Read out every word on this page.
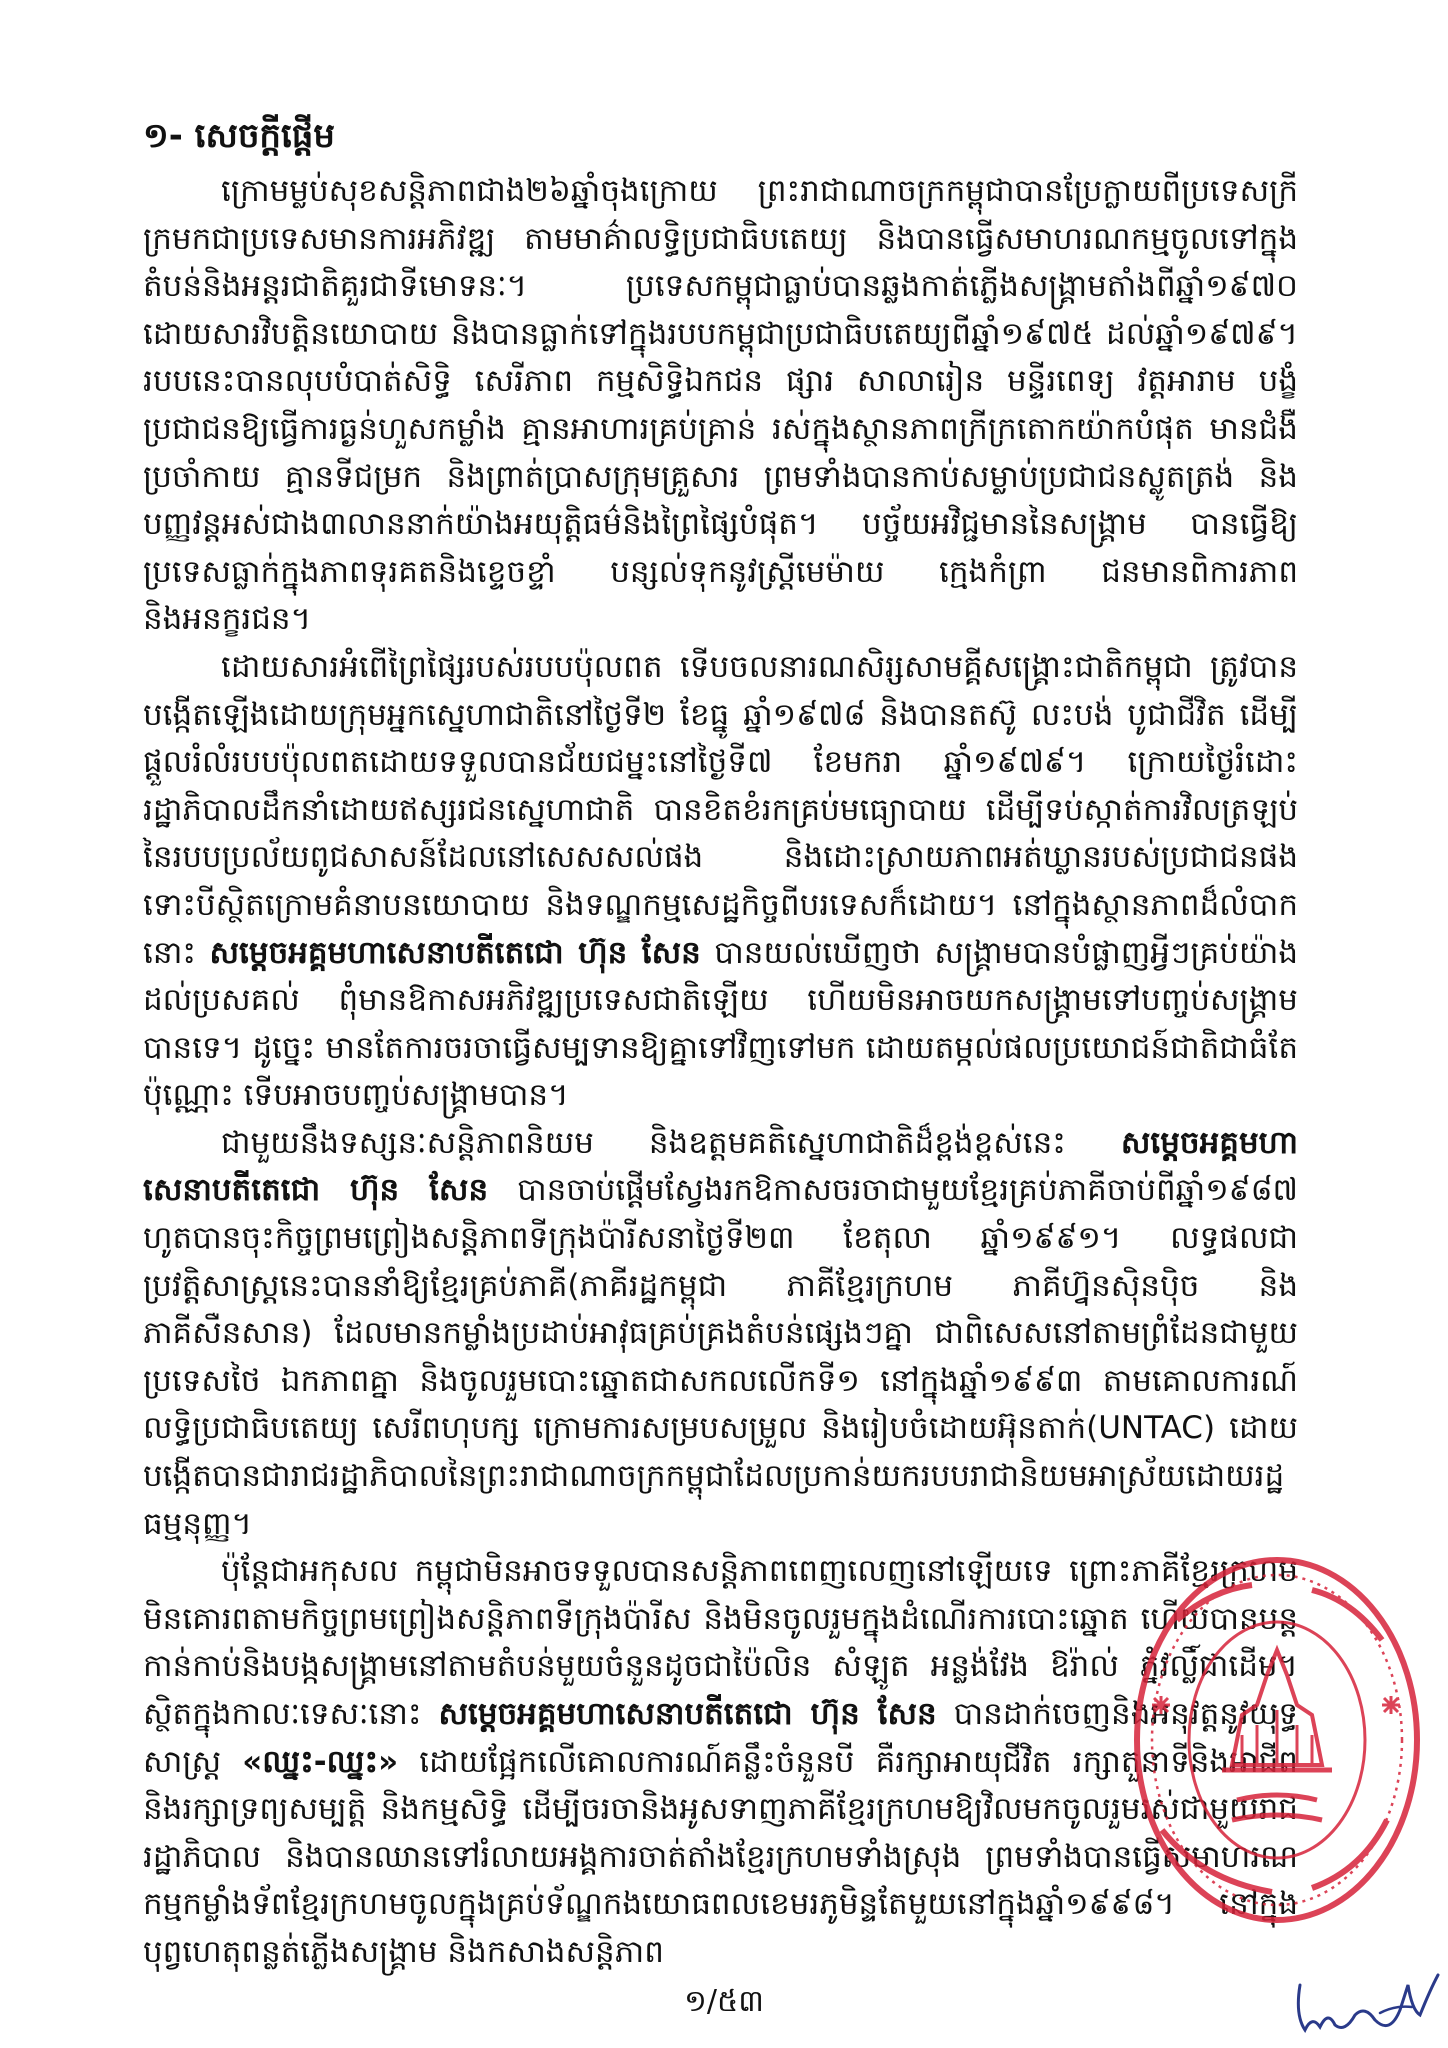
១- សេចក្ដីផ្ដើម

ក្រោមម្លប់សុខសន្តិភាពជាង២៦ឆ្នាំចុងក្រោយ ព្រះរាជាណាចក្រកម្ពុជាបានប្រែក្លាយពីប្រទេសក្រីក្រមកជាប្រទេសមានការអភិវឌ្ឍ តាមមាគ៌ាលទ្ធិប្រជាធិបតេយ្យ និងបានធ្វើសមាហរណកម្មចូលទៅក្នុងតំបន់និងអន្តរជាតិគួរជាទីមោទនៈ។ ប្រទេសកម្ពុជាធ្លាប់បានឆ្លងកាត់ភ្លើងសង្គ្រាមតាំងពីឆ្នាំ១៩៧០ ដោយសារវិបត្តិនយោបាយ និងបានធ្លាក់ទៅក្នុងរបបកម្ពុជាប្រជាធិបតេយ្យពីឆ្នាំ១៩៧៥ ដល់ឆ្នាំ១៩៧៩។ របបនេះបានលុបបំបាត់សិទ្ធិ សេរីភាព កម្មសិទ្ធិឯកជន ផ្សារ សាលារៀន មន្ទីរពេទ្យ វត្តអារាម បង្ខំប្រជាជនឱ្យធ្វើការធ្ងន់ហួសកម្លាំង គ្មានអាហារគ្រប់គ្រាន់ រស់ក្នុងស្ថានភាពក្រីក្រតោកយ៉ាកបំផុត មានជំងឺប្រចាំកាយ គ្មានទីជម្រក និងព្រាត់ប្រាសក្រុមគ្រួសារ ព្រមទាំងបានកាប់សម្លាប់ប្រជាជនស្លូតត្រង់ និងបញ្ញវន្តអស់ជាង៣លាននាក់យ៉ាងអយុត្តិធម៌និងព្រៃផ្សៃបំផុត។ បច្ច័យអវិជ្ជមាននៃសង្គ្រាម បានធ្វើឱ្យប្រទេសធ្លាក់ក្នុងភាពទុរគតនិងខ្ទេចខ្ទាំ បន្សល់ទុកនូវស្ត្រីមេម៉ាយ ក្មេងកំព្រា ជនមានពិការភាព និងអនក្ខរជន។

ដោយសារអំពើព្រៃផ្សៃរបស់របបប៉ុលពត ទើបចលនារណសិរ្សសាមគ្គីសង្គ្រោះជាតិកម្ពុជា ត្រូវបានបង្កើតឡើងដោយក្រុមអ្នកស្នេហាជាតិនៅថ្ងៃទី២ ខែធ្នូ ឆ្នាំ១៩៧៨ និងបានតស៊ូ លះបង់ បូជាជីវិត ដើម្បីផ្ដួលរំលំរបបប៉ុលពតដោយទទួលបានជ័យជម្នះនៅថ្ងៃទី៧ ខែមករា ឆ្នាំ១៩៧៩។ ក្រោយថ្ងៃរំដោះ រដ្ឋាភិបាលដឹកនាំដោយឥស្សរជនស្នេហាជាតិ បានខិតខំរកគ្រប់មធ្យោបាយ ដើម្បីទប់ស្កាត់ការវិលត្រឡប់នៃរបបប្រល័យពូជសាសន៍ដែលនៅសេសសល់ផង និងដោះស្រាយភាពអត់ឃ្លានរបស់ប្រជាជនផង ទោះបីស្ថិតក្រោមគំនាបនយោបាយ និងទណ្ឌកម្មសេដ្ឋកិច្ចពីបរទេសក៏ដោយ។ នៅក្នុងស្ថានភាពដ៏លំបាកនោះ សម្ដេចអគ្គមហាសេនាបតីតេជោ ហ៊ុន សែន បានយល់ឃើញថា សង្គ្រាមបានបំផ្លាញអ្វីៗគ្រប់យ៉ាងដល់ប្រសគល់ ពុំមានឱកាសអភិវឌ្ឍប្រទេសជាតិឡើយ ហើយមិនអាចយកសង្គ្រាមទៅបញ្ចប់សង្គ្រាមបានទេ។ ដូច្នេះ មានតែការចរចាធ្វើសម្បទានឱ្យគ្នាទៅវិញទៅមក ដោយតម្កល់ផលប្រយោជន៍ជាតិជាធំតែប៉ុណ្ណោះ ទើបអាចបញ្ចប់សង្គ្រាមបាន។

ជាមួយនឹងទស្សនៈសន្តិភាពនិយម និងឧត្តមគតិស្នេហាជាតិដ៏ខ្ពង់ខ្ពស់នេះ សម្ដេចអគ្គមហាសេនាបតីតេជោ ហ៊ុន សែន បានចាប់ផ្ដើមស្វែងរកឱកាសចរចាជាមួយខ្មែរគ្រប់ភាគីចាប់ពីឆ្នាំ១៩៨៧ ហូតបានចុះកិច្ចព្រមព្រៀងសន្តិភាពទីក្រុងប៉ារីសនាថ្ងៃទី២៣ ខែតុលា ឆ្នាំ១៩៩១។ លទ្ធផលជាប្រវត្តិសាស្ត្រនេះបាននាំឱ្យខ្មែរគ្រប់ភាគី(ភាគីរដ្ឋកម្ពុជា ភាគីខ្មែរក្រហម ភាគីហ្វ៊ុនស៊ិនប៉ិច និងភាគីសឺនសាន) ដែលមានកម្លាំងប្រដាប់អាវុធគ្រប់គ្រងតំបន់ផ្សេងៗគ្នា ជាពិសេសនៅតាមព្រំដែនជាមួយប្រទេសថៃ ឯកភាពគ្នា និងចូលរួមបោះឆ្នោតជាសកលលើកទី១ នៅក្នុងឆ្នាំ១៩៩៣ តាមគោលការណ៍លទ្ធិប្រជាធិបតេយ្យ សេរីពហុបក្ស ក្រោមការសម្របសម្រួល និងរៀបចំដោយអ៊ុនតាក់(UNTAC) ដោយបង្កើតបានជារាជរដ្ឋាភិបាលនៃព្រះរាជាណាចក្រកម្ពុជាដែលប្រកាន់យករបបរាជានិយមអាស្រ័យដោយរដ្ឋធម្មនុញ្ញ។

ប៉ុន្តែជាអកុសល កម្ពុជាមិនអាចទទួលបានសន្តិភាពពេញលេញនៅឡើយទេ ព្រោះភាគីខ្មែរក្រហមមិនគោរពតាមកិច្ចព្រមព្រៀងសន្តិភាពទីក្រុងប៉ារីស និងមិនចូលរួមក្នុងដំណើរការបោះឆ្នោត ហើយបានបន្តកាន់កាប់និងបង្កសង្គ្រាមនៅតាមតំបន់មួយចំនួនដូចជាប៉ៃលិន សំឡូត អន្លង់វែង ឱរ៉ាល់ ភ្នំវល្លិ៍ជាដើម។ ស្ថិតក្នុងកាលៈទេសៈនោះ សម្ដេចអគ្គមហាសេនាបតីតេជោ ហ៊ុន សែន បានដាក់ចេញនិងអនុវត្តនូវយុទ្ធសាស្ត្រ «ឈ្នះ-ឈ្នះ» ដោយផ្អែកលើគោលការណ៍គន្លឹះចំនួនបី គឺរក្សាអាយុជីវិត រក្សាតួនាទីនិងអាជីព និងរក្សាទ្រព្យសម្បត្តិ និងកម្មសិទ្ធិ ដើម្បីចរចានិងអូសទាញភាគីខ្មែរក្រហមឱ្យវិលមកចូលរួមរស់ជាមួយរាជរដ្ឋាភិបាល និងបានឈានទៅរំលាយអង្គការចាត់តាំងខ្មែរក្រហមទាំងស្រុង ព្រមទាំងបានធ្វើសមាហរណកម្មកម្លាំងទ័ពខ្មែរក្រហមចូលក្នុងគ្រប់ទ័ណ្ឌកងយោធពលខេមរភូមិន្ទតែមួយនៅក្នុងឆ្នាំ១៩៩៨។ នៅក្នុងបុព្វហេតុពន្លត់ភ្លើងសង្គ្រាម និងកសាងសន្តិភាព

១/៥៣
